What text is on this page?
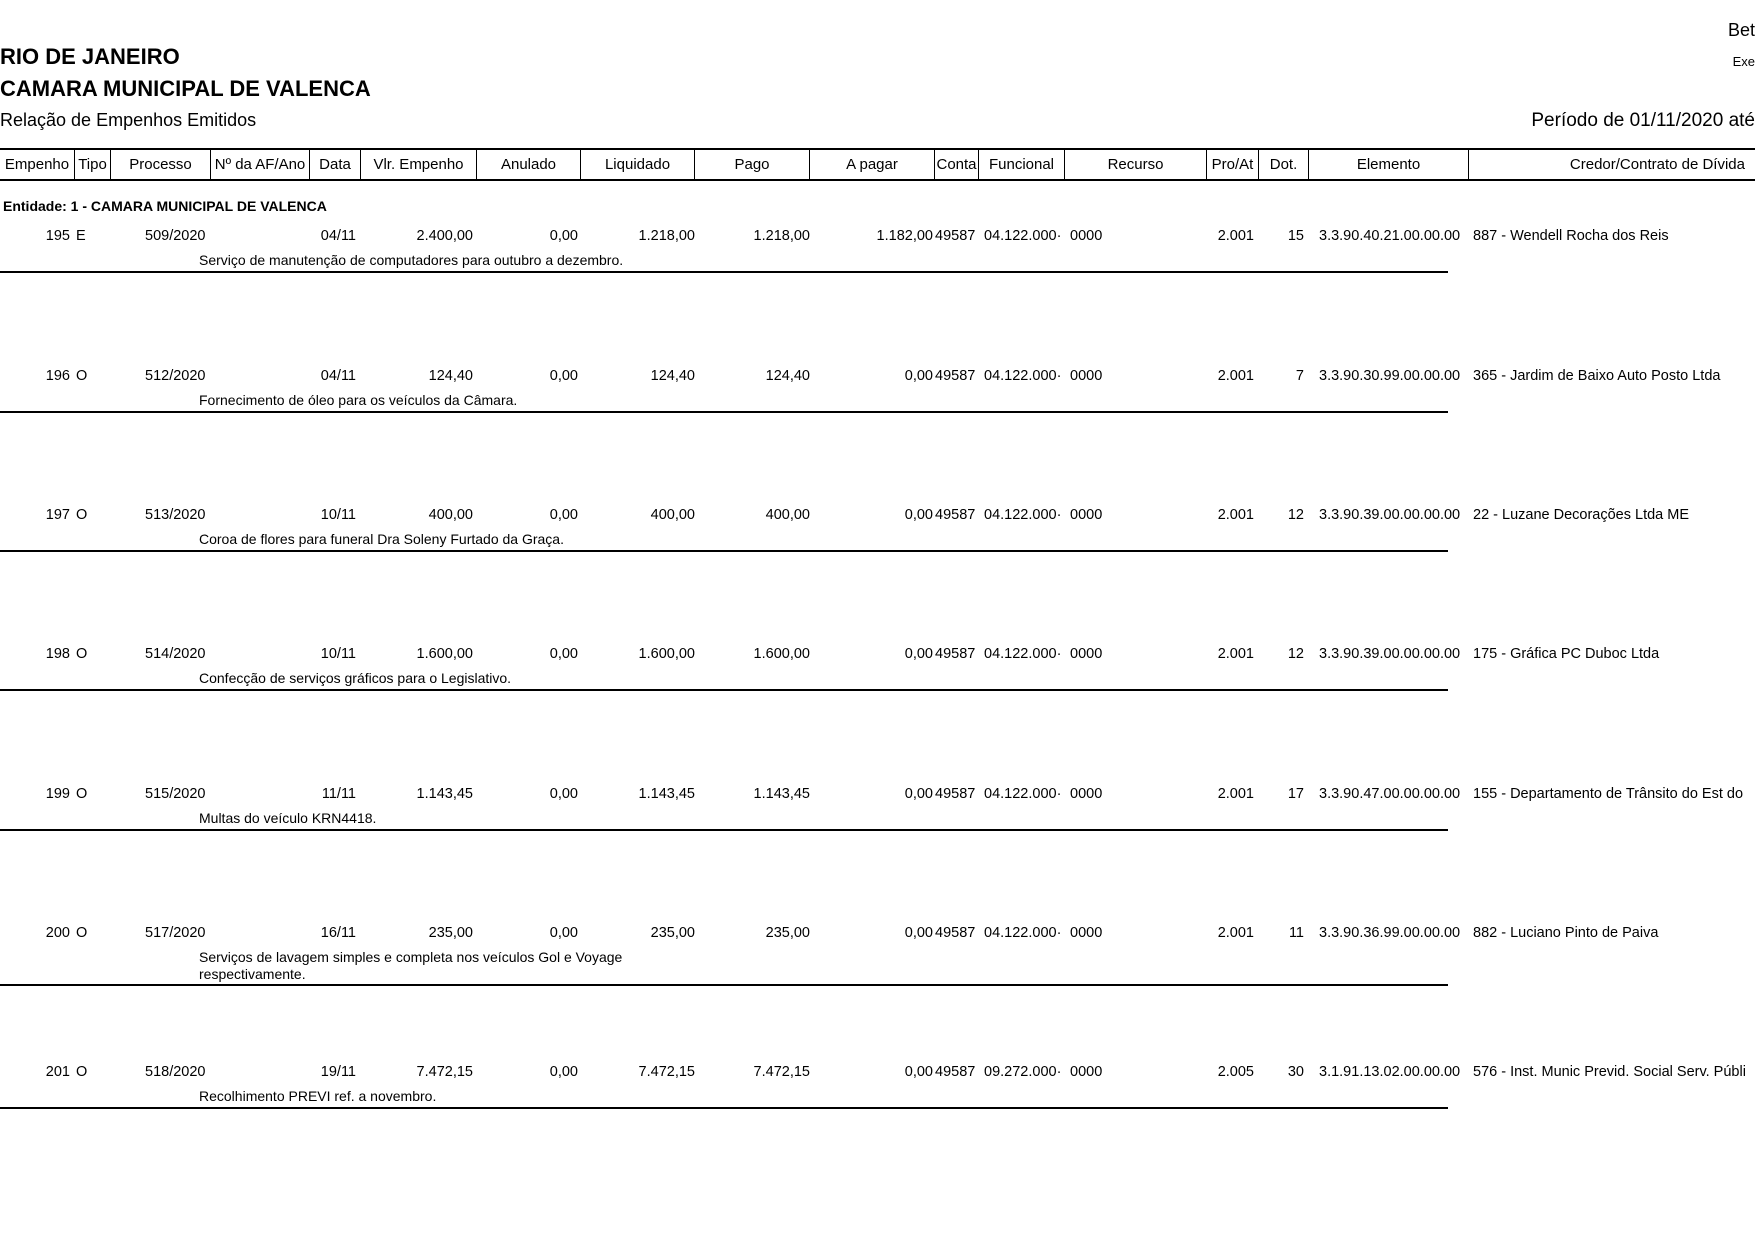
Bet
Exe
RIO DE JANEIRO
CAMARA MUNICIPAL DE VALENCA
Relação de Empenhos Emitidos	Período de 01/11/2020 até
Empenho Tipo	Processo	Nº da AF/Ano Data	Vlr. Empenho	Anulado	Liquidado	Pago	A pagar	Conta Funcional	Recurso	Pro/At	Dot.	Elemento	Credor/Contrato de Dívida
Entidade: 1 - CAMARA MUNICIPAL DE VALENCA
195 E	509/2020	04/11	2.400,00	0,00	1.218,00	1.218,00	1.182,00 49587 04.122.000· 0000	2.001	15 3.3.90.40.21.00.00.00 887 - Wendell Rocha dos Reis
Serviço de manutenção de computadores para outubro a dezembro.
196 O	512/2020	04/11	124,40	0,00	124,40	124,40	0,00 49587 04.122.000· 0000	2.001	7 3.3.90.30.99.00.00.00 365 - Jardim de Baixo Auto Posto Ltda
Fornecimento de óleo para os veículos da Câmara.
197 O	513/2020	10/11	400,00	0,00	400,00	400,00	0,00 49587 04.122.000· 0000	2.001	12 3.3.90.39.00.00.00.00 22 - Luzane Decorações Ltda ME
Coroa de flores para funeral Dra Soleny Furtado da Graça.
198 O	514/2020	10/11	1.600,00	0,00	1.600,00	1.600,00	0,00 49587 04.122.000· 0000	2.001	12 3.3.90.39.00.00.00.00 175 - Gráfica PC Duboc Ltda
Confecção de serviços gráficos para o Legislativo.
199 O	515/2020	11/11	1.143,45	0,00	1.143,45	1.143,45	0,00 49587 04.122.000· 0000	2.001	17 3.3.90.47.00.00.00.00 155 - Departamento de Trânsito do Est do
Multas do veículo KRN4418.
200 O	517/2020	16/11	235,00	0,00	235,00	235,00	0,00 49587 04.122.000· 0000	2.001	11 3.3.90.36.99.00.00.00 882 - Luciano Pinto de Paiva
Serviços de lavagem simples e completa nos veículos Gol e Voyage respectivamente.
201 O	518/2020	19/11	7.472,15	0,00	7.472,15	7.472,15	0,00 49587 09.272.000· 0000	2.005	30 3.1.91.13.02.00.00.00 576 - Inst. Munic Previd. Social Serv. Públi
Recolhimento PREVI ref. a novembro.
